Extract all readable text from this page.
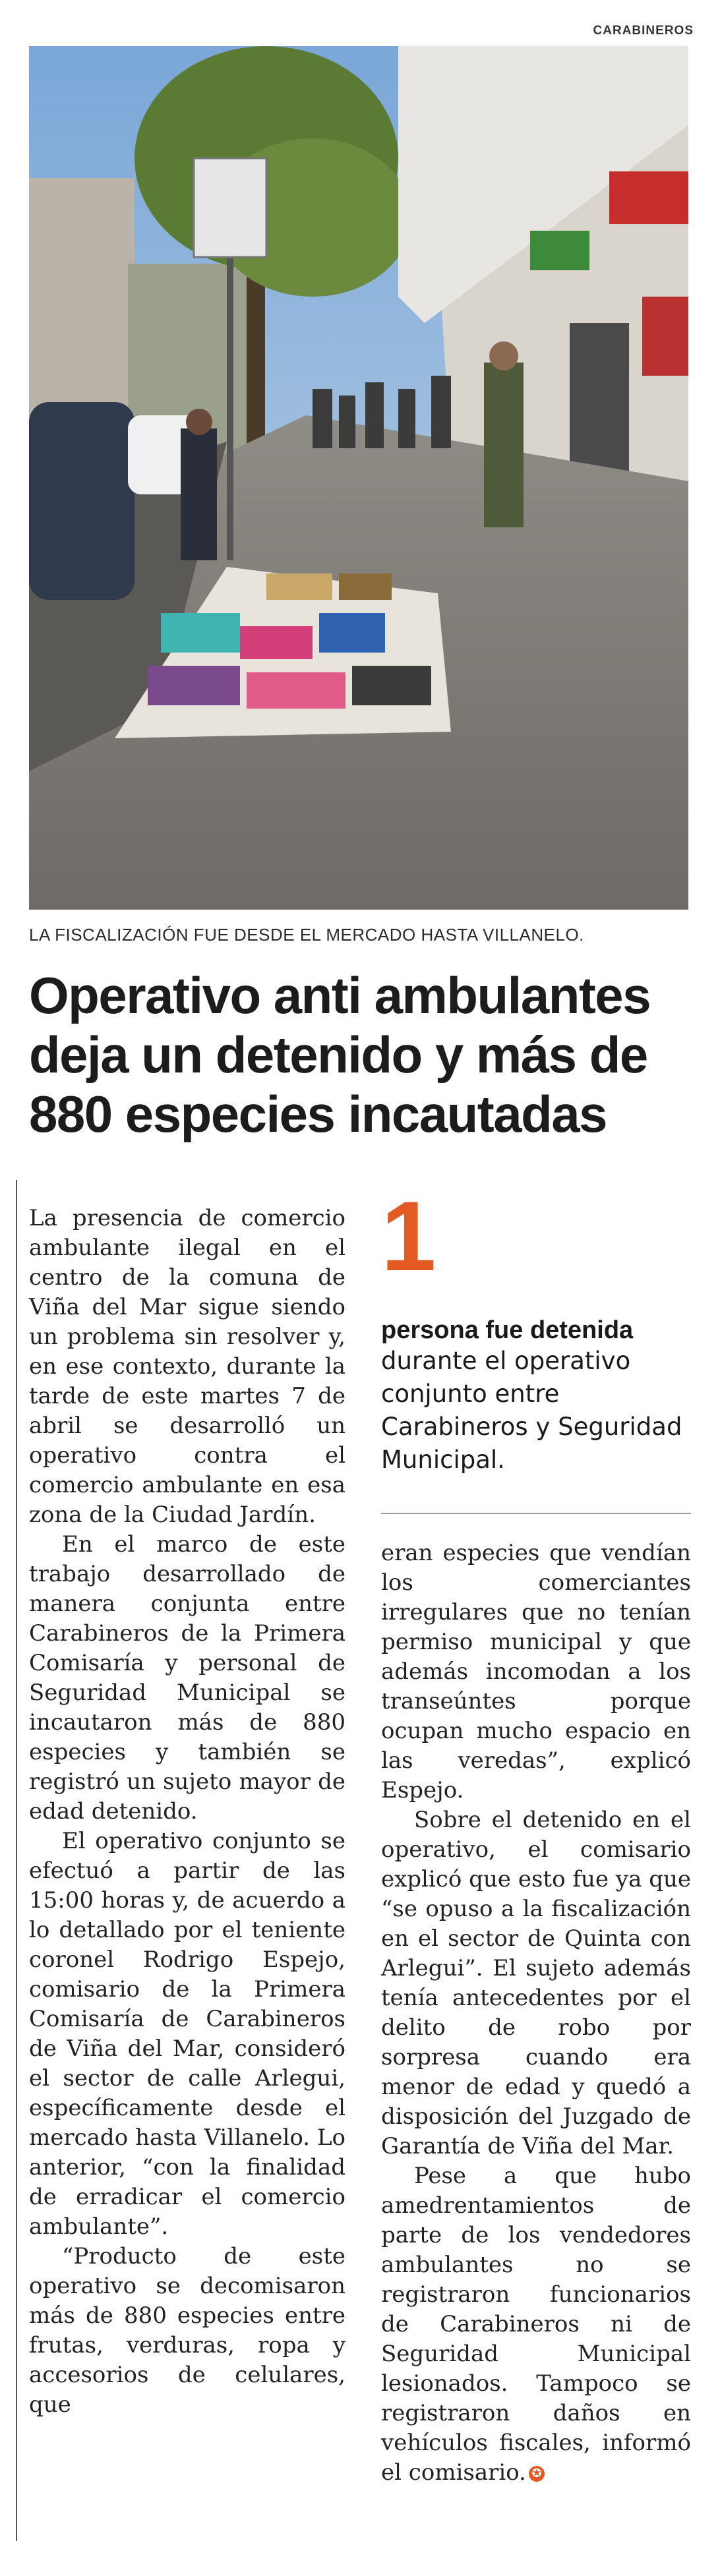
CARABINEROS
LA FISCALIZACIÓN FUE DESDE EL MERCADO HASTA VILLANELO.
Operativo anti ambulantes deja un detenido y más de 880 especies incautadas

La presencia de comercio ambulante ilegal en el centro de la comuna de Viña del Mar sigue siendo un problema sin resolver y, en ese contexto, durante la tarde de este martes 7 de abril se desarrolló un operativo contra el comercio ambulante en esa zona de la Ciudad Jardín.

En el marco de este trabajo desarrollado de manera conjunta entre Carabineros de la Primera Comisaría y personal de Seguridad Municipal se incautaron más de 880 especies y también se registró un sujeto mayor de edad detenido.

El operativo conjunto se efectuó a partir de las 15:00 horas y, de acuerdo a lo detallado por el teniente coronel Rodrigo Espejo, comisario de la Primera Comisaría de Carabineros de Viña del Mar, consideró el sector de calle Arlegui, específicamente desde el mercado hasta Villanelo. Lo anterior, “con la finalidad de erradicar el comercio ambulante”.

“Producto de este operativo se decomisaron más de 880 especies entre frutas, verduras, ropa y accesorios de celulares, que

1
persona fue detenida
durante el operativo conjunto entre Carabineros y Seguridad Municipal.

eran especies que vendían los comerciantes irregulares que no tenían permiso municipal y que además incomodan a los transeúntes porque ocupan mucho espacio en las veredas”, explicó Espejo.

Sobre el detenido en el operativo, el comisario explicó que esto fue ya que “se opuso a la fiscalización en el sector de Quinta con Arlegui”. El sujeto además tenía antecedentes por el delito de robo por sorpresa cuando era menor de edad y quedó a disposición del Juzgado de Garantía de Viña del Mar.

Pese a que hubo amedrentamientos de parte de los vendedores ambulantes no se registraron funcionarios de Carabineros ni de Seguridad Municipal lesionados. Tampoco se registraron daños en vehículos fiscales, informó el comisario. ✪
